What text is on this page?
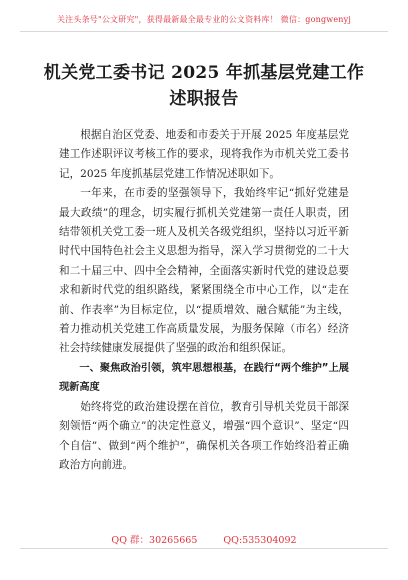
关注头条号"公文研究"，获得最新最全最专业的公文资料库！ 微信：gongwenyj
机关党工委书记 2025 年抓基层党建工作
述职报告

根据自治区党委、地委和市委关于开展 2025 年度基层党建工作述职评议考核工作的要求，现将我作为市机关党工委书记，2025 年度抓基层党建工作情况述职如下。

一年来，在市委的坚强领导下，我始终牢记“抓好党建是最大政绩”的理念，切实履行抓机关党建第一责任人职责，团结带领机关党工委一班人及机关各级党组织，坚持以习近平新时代中国特色社会主义思想为指导，深入学习贯彻党的二十大和二十届三中、四中全会精神，全面落实新时代党的建设总要求和新时代党的组织路线，紧紧围绕全市中心工作，以“走在前、作表率”为目标定位，以“提质增效、融合赋能”为主线，着力推动机关党建工作高质量发展，为服务保障（市名）经济社会持续健康发展提供了坚强的政治和组织保证。

一、聚焦政治引领，筑牢思想根基，在践行“两个维护”上展现新高度

始终将党的政治建设摆在首位，教育引导机关党员干部深刻领悟“两个确立”的决定性意义，增强“四个意识”、坚定“四个自信”、做到“两个维护”，确保机关各项工作始终沿着正确政治方向前进。

QQ 群：30265665	QQ:535304092
